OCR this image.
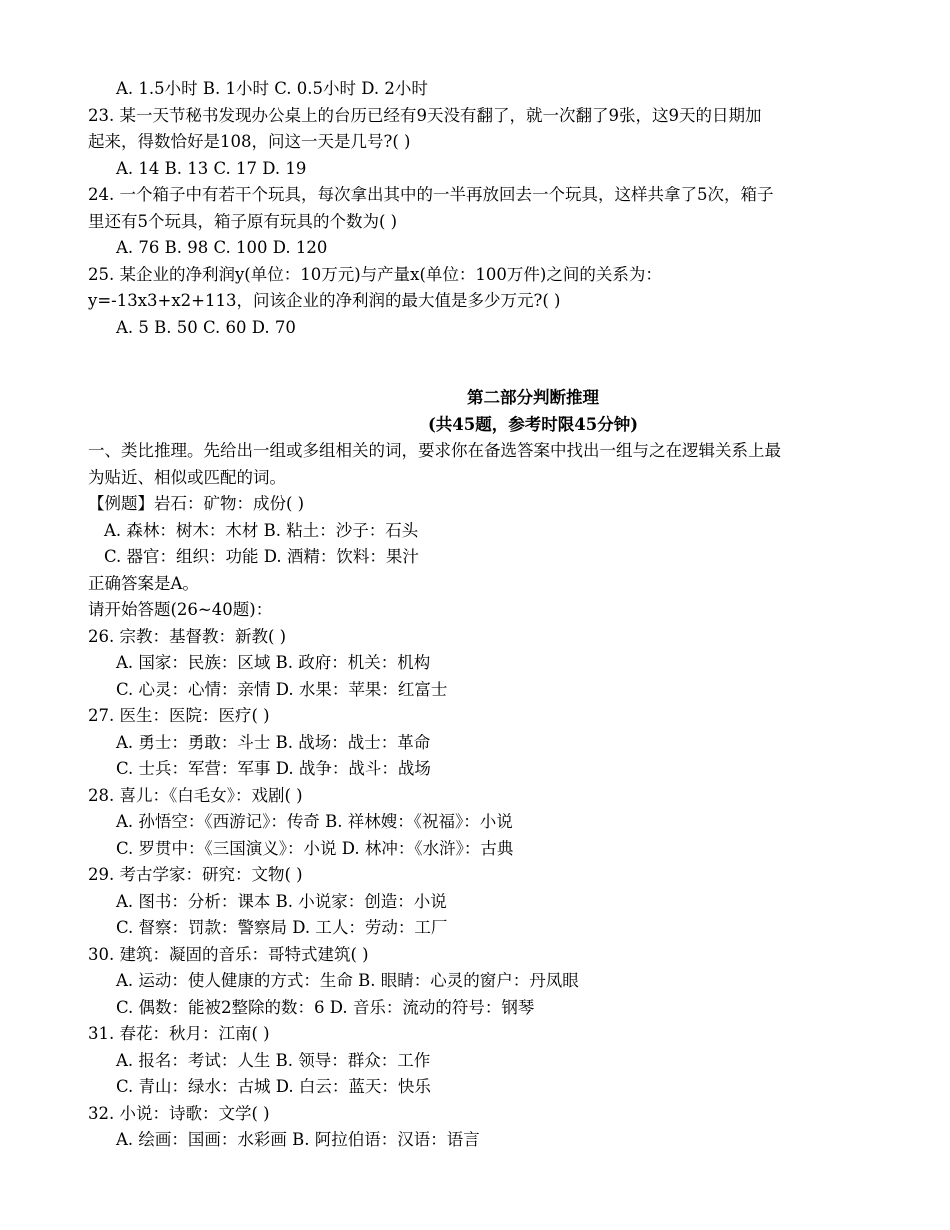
A. 1.5小时 B. 1小时 C. 0.5小时 D. 2小时
23. 某一天节秘书发现办公桌上的台历已经有9天没有翻了，就一次翻了9张，这9天的日期加
起来，得数恰好是108，问这一天是几号?( )
A. 14 B. 13 C. 17 D. 19
24. 一个箱子中有若干个玩具，每次拿出其中的一半再放回去一个玩具，这样共拿了5次，箱子
里还有5个玩具，箱子原有玩具的个数为( )
A. 76 B. 98 C. 100 D. 120
25. 某企业的净利润y(单位：10万元)与产量x(单位：100万件)之间的关系为：
y=-13x3+x2+113，问该企业的净利润的最大值是多少万元?( )
A. 5 B. 50 C. 60 D. 70
第二部分判断推理
(共45题，参考时限45分钟)
一、类比推理。先给出一组或多组相关的词，要求你在备选答案中找出一组与之在逻辑关系上最
为贴近、相似或匹配的词。
【例题】岩石：矿物：成份( )
A. 森林：树木：木材 B. 粘土：沙子：石头
C. 器官：组织：功能 D. 酒精：饮料：果汁
正确答案是A。
请开始答题(26~40题)：
26. 宗教：基督教：新教( )
A. 国家：民族：区域 B. 政府：机关：机构
C. 心灵：心情：亲情 D. 水果：苹果：红富士
27. 医生：医院：医疗( )
A. 勇士：勇敢：斗士 B. 战场：战士：革命
C. 士兵：军营：军事 D. 战争：战斗：战场
28. 喜儿：《白毛女》：戏剧( )
A. 孙悟空：《西游记》：传奇 B. 祥林嫂：《祝福》：小说
C. 罗贯中：《三国演义》：小说 D. 林冲：《水浒》：古典
29. 考古学家：研究：文物( )
A. 图书：分析：课本 B. 小说家：创造：小说
C. 督察：罚款：警察局 D. 工人：劳动：工厂
30. 建筑：凝固的音乐：哥特式建筑( )
A. 运动：使人健康的方式：生命 B. 眼睛：心灵的窗户：丹凤眼
C. 偶数：能被2整除的数：6 D. 音乐：流动的符号：钢琴
31. 春花：秋月：江南( )
A. 报名：考试：人生 B. 领导：群众：工作
C. 青山：绿水：古城 D. 白云：蓝天：快乐
32. 小说：诗歌：文学( )
A. 绘画：国画：水彩画 B. 阿拉伯语：汉语：语言
